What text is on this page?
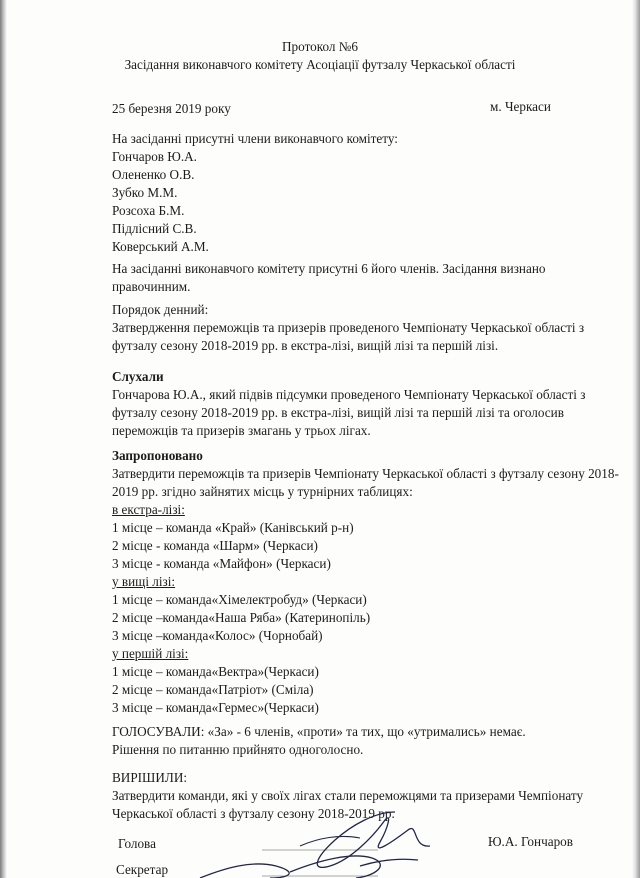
Протокол №6
Засідання виконавчого комітету Асоціації футзалу Черкаської області
25 березня 2019 року	м. Черкаси
На засіданні присутні члени виконавчого комітету:
Гончаров Ю.А.
Оленeнко О.В.
Зубко М.М.
Розсоха Б.М.
Підлісний С.В.
Коверський А.М.
На засіданні виконавчого комітету присутні 6 його членів. Засідання визнано
правочинним.
Порядок денний:
Затвердження переможців та призерів проведеного Чемпіонату Черкаської області з
футзалу сезону 2018-2019 рр. в екстра-лізі, вищій лізі та першій лізі.
Слухали
Гончарова Ю.А., який підвів підсумки проведеного Чемпіонату Черкаської області з
футзалу сезону 2018-2019 рр. в екстра-лізі, вищій лізі та першій лізі та оголосив
переможців та призерів змагань у трьох лігах.
Запропоновано
Затвердити переможців та призерів Чемпіонату Черкаської області з футзалу сезону 2018-
2019 рр. згідно зайнятих місць у турнірних таблицях:
в екстра-лізі:
1 місце – команда «Край» (Канівський р-н)
2 місце - команда «Шарм» (Черкаси)
3 місце - команда «Майфон» (Черкаси)
у вищі лізі:
1 місце – команда«Хімелектробуд» (Черкаси)
2 місце –команда«Наша Ряба» (Катеринопіль)
3 місце –команда«Колос» (Чорнобай)
у першій лізі:
1 місце – команда«Вектра»(Черкаси)
2 місце – команда«Патріот» (Сміла)
3 місце – команда«Гермес»(Черкаси)
ГОЛОСУВАЛИ: «За» - 6 членів, «проти» та тих, що «утримались» немає.
Рішення по питанню прийнято одноголосно.
ВИРІШИЛИ:
Затвердити команди, які у своїх лігах стали переможцями та призерами Чемпіонату
Черкаської області з футзалу сезону 2018-2019 рр.
Голова	Ю.А. Гончаров
Секретар
